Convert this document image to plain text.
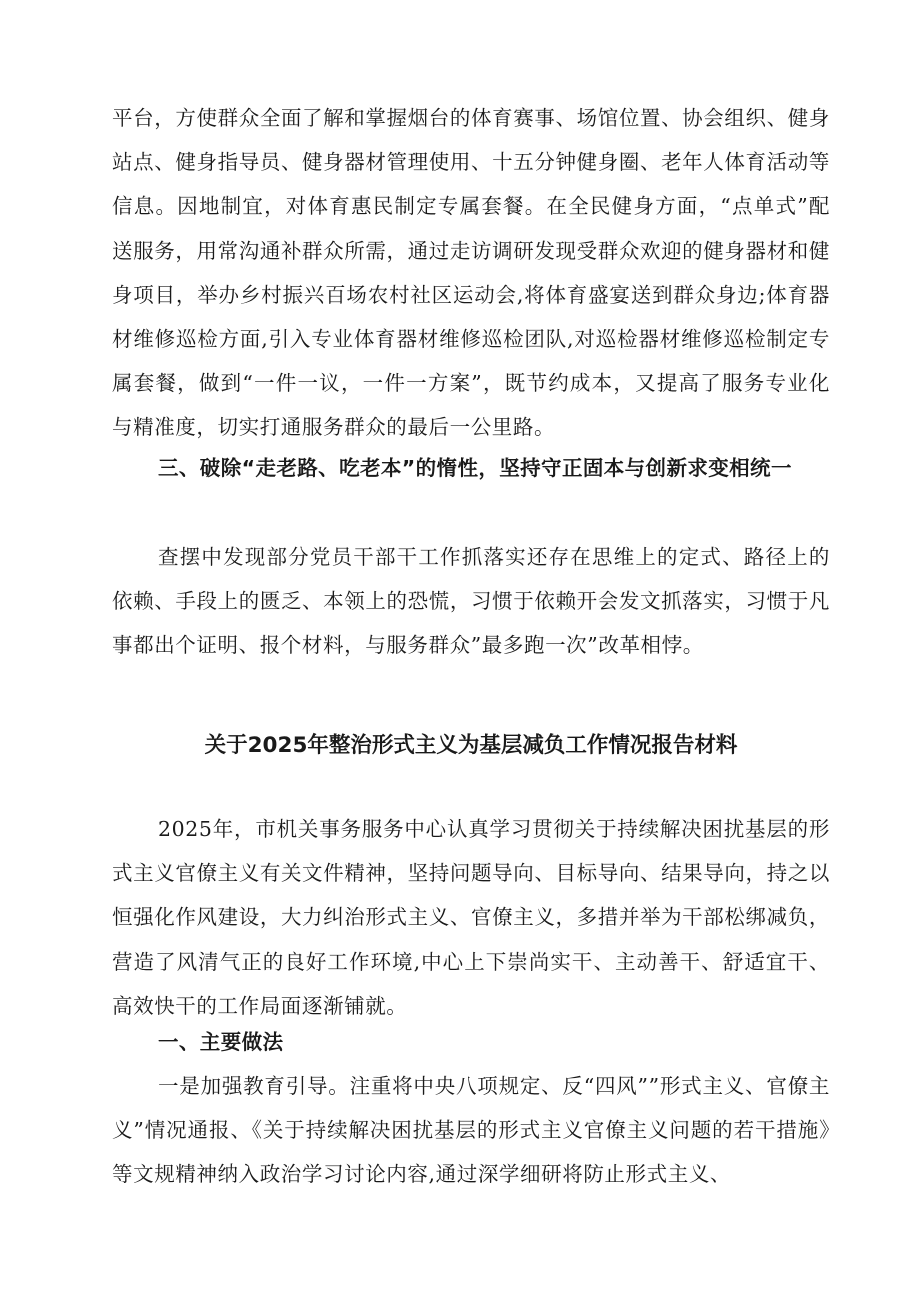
平台，方使群众全面了解和掌握烟台的体育赛事、场馆位置、协会组织、健身站点、健身指导员、健身器材管理使用、十五分钟健身圈、老年人体育活动等信息。因地制宜，对体育惠民制定专属套餐。在全民健身方面，“点单式”配送服务，用常沟通补群众所需，通过走访调研发现受群众欢迎的健身器材和健身项目，举办乡村振兴百场农村社区运动会,将体育盛宴送到群众身边;体育器材维修巡检方面,引入专业体育器材维修巡检团队,对巡检器材维修巡检制定专属套餐，做到“一件一议，一件一方案”，既节约成本，又提高了服务专业化与精准度，切实打通服务群众的最后一公里路。

三、破除“走老路、吃老本”的惰性，坚持守正固本与创新求变相统一

查摆中发现部分党员干部干工作抓落实还存在思维上的定式、路径上的依赖、手段上的匮乏、本领上的恐慌，习惯于依赖开会发文抓落实，习惯于凡事都出个证明、报个材料，与服务群众”最多跑一次”改革相悖。

关于2025年整治形式主义为基层减负工作情况报告材料

2025年，市机关事务服务中心认真学习贯彻关于持续解决困扰基层的形式主义官僚主义有关文件精神，坚持问题导向、目标导向、结果导向，持之以恒强化作风建设，大力纠治形式主义、官僚主义，多措并举为干部松绑减负，营造了风清气正的良好工作环境,中心上下崇尚实干、主动善干、舒适宜干、高效快干的工作局面逐渐铺就。

一、主要做法

一是加强教育引导。注重将中央八项规定、反“四风””形式主义、官僚主义”情况通报、《关于持续解决困扰基层的形式主义官僚主义问题的若干措施》等文规精神纳入政治学习讨论内容,通过深学细研将防止形式主义、
